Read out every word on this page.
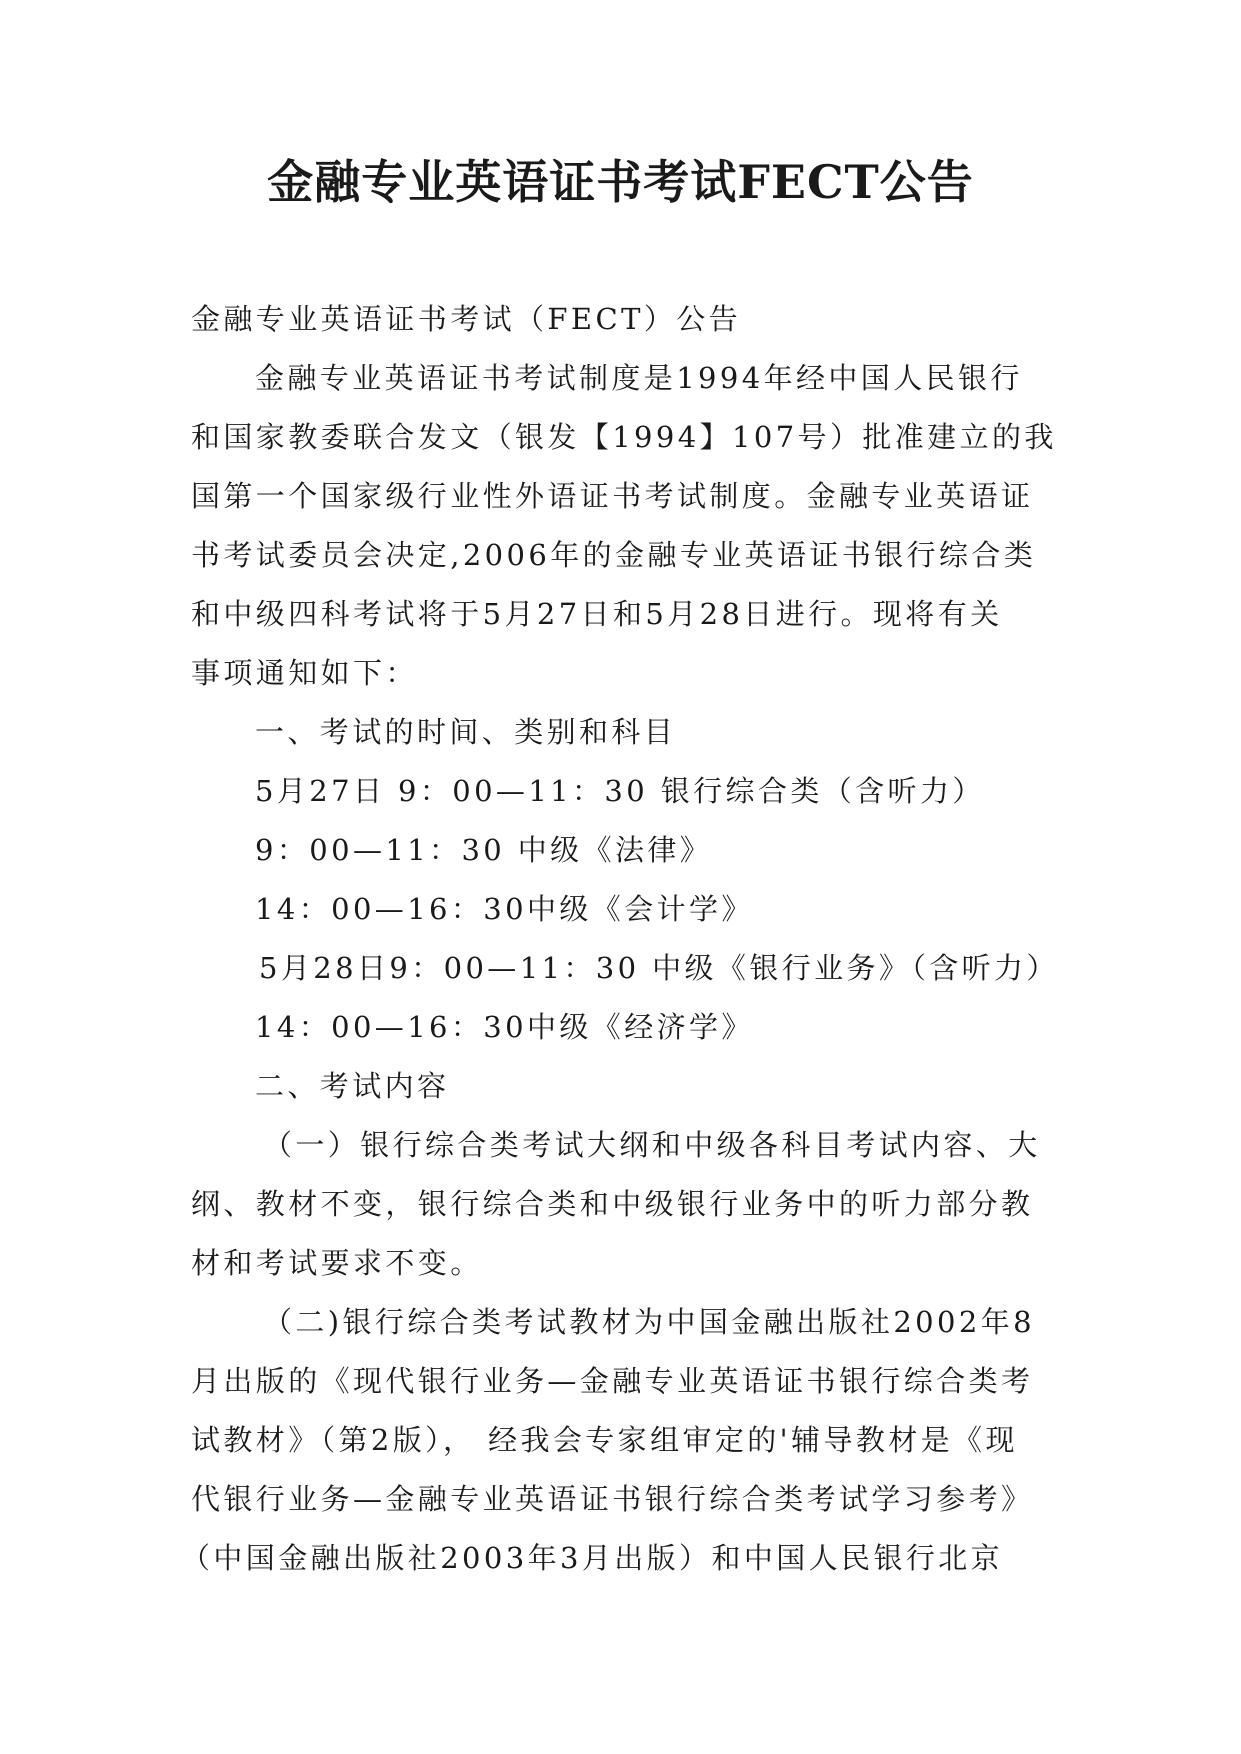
金融专业英语证书考试FECT公告

金融专业英语证书考试（FECT）公告

金融专业英语证书考试制度是1994年经中国人民银行

和国家教委联合发文（银发【1994】107号）批准建立的我

国第一个国家级行业性外语证书考试制度。金融专业英语证

书考试委员会决定,2006年的金融专业英语证书银行综合类

和中级四科考试将于5月27日和5月28日进行。现将有关

事项通知如下：

一、考试的时间、类别和科目

5月27日 9：00—11：30 银行综合类（含听力）

9：00—11：30 中级《法律》

14：00—16：30中级《会计学》

5月28日9：00—11：30 中级《银行业务》（含听力）

14：00—16：30中级《经济学》

二、考试内容

（一）银行综合类考试大纲和中级各科目考试内容、大

纲、教材不变，银行综合类和中级银行业务中的听力部分教

材和考试要求不变。

（二)银行综合类考试教材为中国金融出版社2002年8

月出版的《现代银行业务—金融专业英语证书银行综合类考

试教材》（第2版）， 经我会专家组审定的'辅导教材是《现

代银行业务—金融专业英语证书银行综合类考试学习参考》

（中国金融出版社2003年3月出版）和中国人民银行北京
